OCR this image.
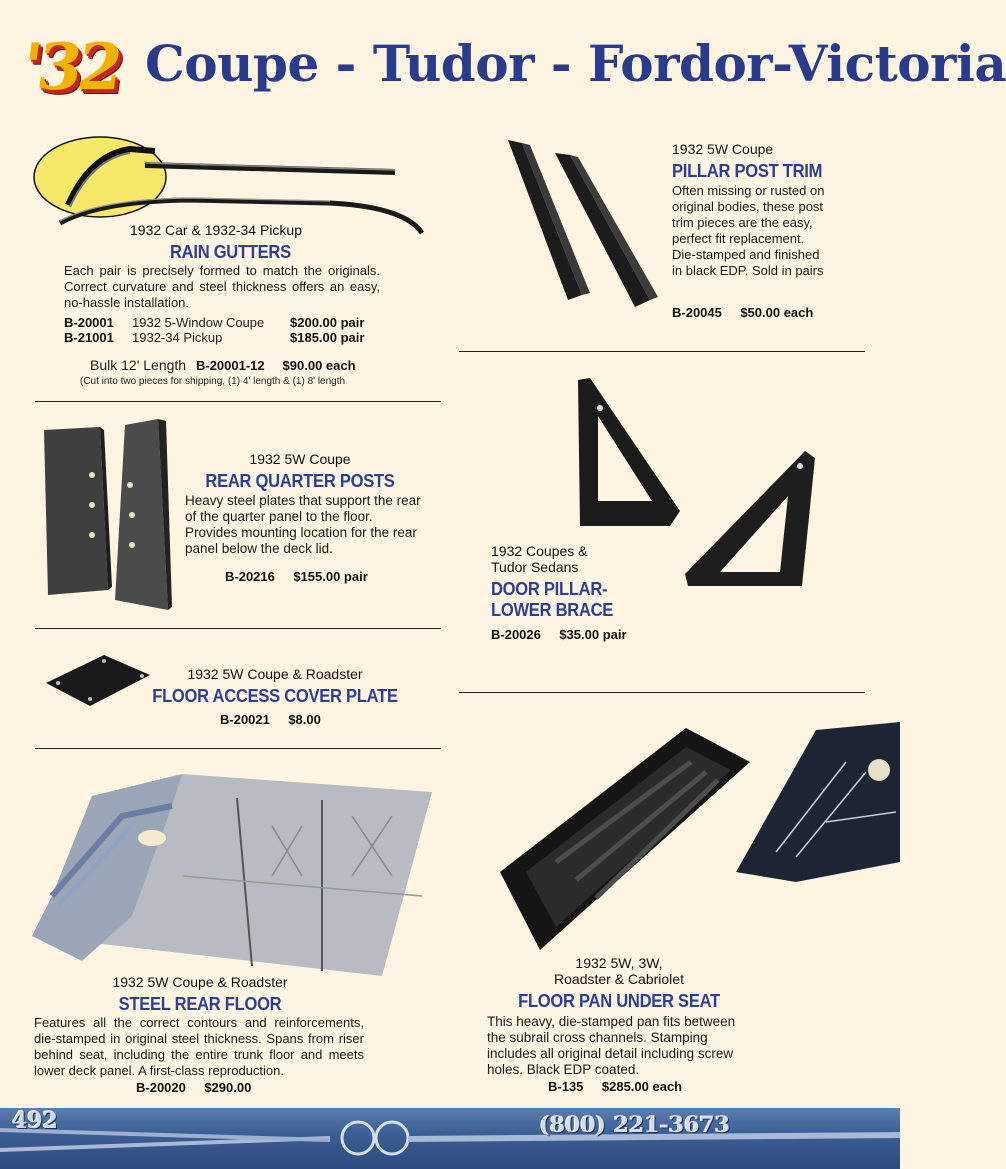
'32 Coupe - Tudor - Fordor-Victoria
1932 Car & 1932-34 Pickup
RAIN GUTTERS
Each pair is precisely formed to match the originals. Correct curvature and steel thickness offers an easy, no-hassle installation.
B-20001	1932 5-Window Coupe	$200.00 pair
B-21001	1932-34 Pickup	$185.00 pair
Bulk 12' Length B-20001-12 $90.00 each
(Cut into two pieces for shipping, (1) 4' length & (1) 8' length
1932 5W Coupe
PILLAR POST TRIM
Often missing or rusted on original bodies, these post trim pieces are the easy, perfect fit replacement. Die-stamped and finished in black EDP. Sold in pairs
B-20045 $50.00 each
1932 5W Coupe
REAR QUARTER POSTS
Heavy steel plates that support the rear of the quarter panel to the floor. Provides mounting location for the rear panel below the deck lid.
B-20216 $155.00 pair
1932 Coupes &
Tudor Sedans
DOOR PILLAR-
LOWER BRACE
B-20026 $35.00 pair
1932 5W Coupe & Roadster
FLOOR ACCESS COVER PLATE
B-20021 $8.00
1932 5W Coupe & Roadster
STEEL REAR FLOOR
Features all the correct contours and reinforcements, die-stamped in original steel thickness. Spans from riser behind seat, including the entire trunk floor and meets lower deck panel. A first-class reproduction.
B-20020 $290.00
1932 5W, 3W,
Roadster & Cabriolet
FLOOR PAN UNDER SEAT
This heavy, die-stamped pan fits between the subrail cross channels. Stamping includes all original detail including screw holes. Black EDP coated.
B-135 $285.00 each
492	(800) 221-3673
